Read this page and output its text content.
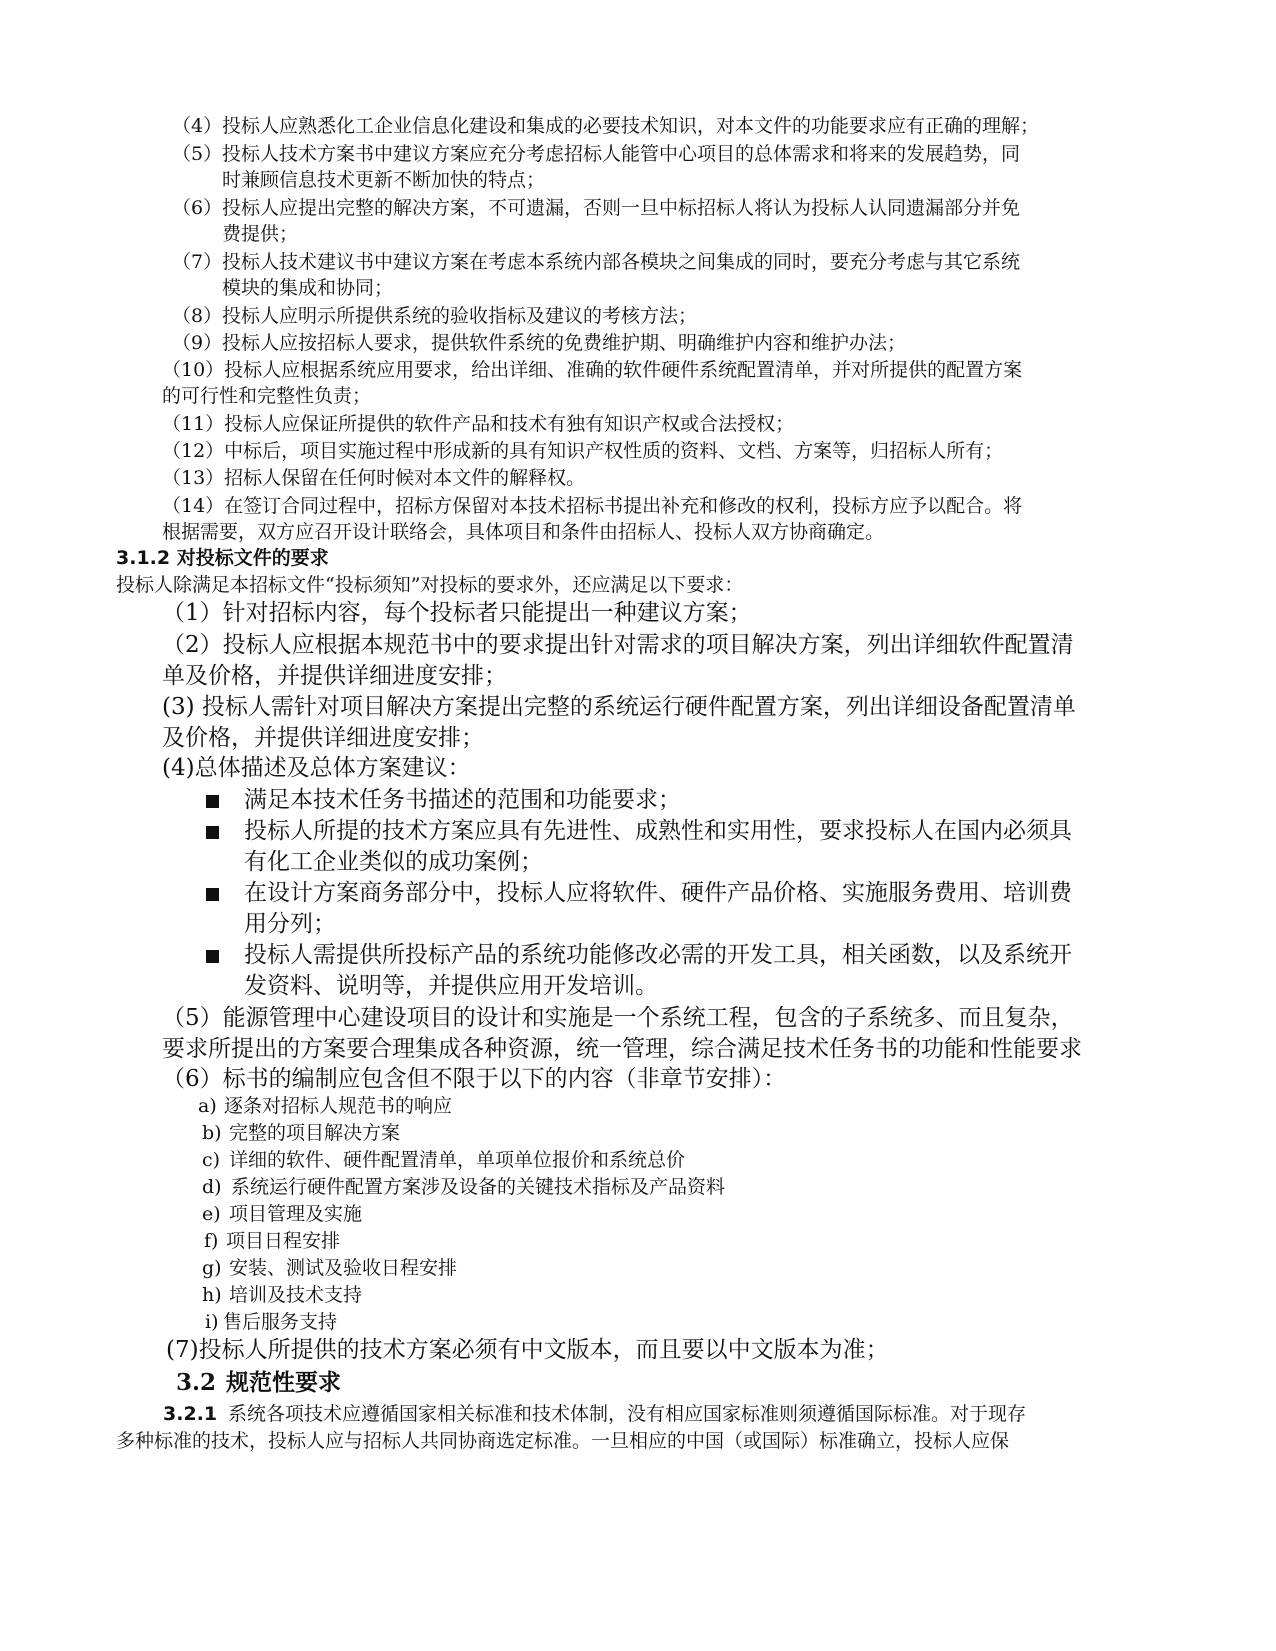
（4） 投标人应熟悉化工企业信息化建设和集成的必要技术知识，对本文件的功能要求应有正确的理解；
（5） 投标人技术方案书中建议方案应充分考虑招标人能管中心项目的总体需求和将来的发展趋势，同
时兼顾信息技术更新不断加快的特点；
（6） 投标人应提出完整的解决方案，不可遗漏，否则一旦中标招标人将认为投标人认同遗漏部分并免
费提供；
（7） 投标人技术建议书中建议方案在考虑本系统内部各模块之间集成的同时，要充分考虑与其它系统
模块的集成和协同；
（8） 投标人应明示所提供系统的验收指标及建议的考核方法；
（9） 投标人应按招标人要求，提供软件系统的免费维护期、明确维护内容和维护办法；
（10）投标人应根据系统应用要求，给出详细、准确的软件硬件系统配置清单，并对所提供的配置方案
的可行性和完整性负责；
（11）投标人应保证所提供的软件产品和技术有独有知识产权或合法授权；
（12）中标后，项目实施过程中形成新的具有知识产权性质的资料、文档、方案等，归招标人所有；
（13）招标人保留在任何时候对本文件的解释权。
（14）在签订合同过程中，招标方保留对本技术招标书提出补充和修改的权利，投标方应予以配合。将
根据需要，双方应召开设计联络会，具体项目和条件由招标人、投标人双方协商确定。
3.1.2 对投标文件的要求
投标人除满足本招标文件“投标须知”对投标的要求外，还应满足以下要求：
（1）针对招标内容，每个投标者只能提出一种建议方案；
（2）投标人应根据本规范书中的要求提出针对需求的项目解决方案，列出详细软件配置清
单及价格，并提供详细进度安排；
(3) 投标人需针对项目解决方案提出完整的系统运行硬件配置方案，列出详细设备配置清单
及价格，并提供详细进度安排；
(4)总体描述及总体方案建议：
满足本技术任务书描述的范围和功能要求；
投标人所提的技术方案应具有先进性、成熟性和实用性，要求投标人在国内必须具
有化工企业类似的成功案例；
在设计方案商务部分中，投标人应将软件、硬件产品价格、实施服务费用、培训费
用分列；
投标人需提供所投标产品的系统功能修改必需的开发工具，相关函数，以及系统开
发资料、说明等，并提供应用开发培训。
（5）能源管理中心建设项目的设计和实施是一个系统工程，包含的子系统多、而且复杂，
要求所提出的方案要合理集成各种资源，统一管理，综合满足技术任务书的功能和性能要求
（6）标书的编制应包含但不限于以下的内容（非章节安排）：
a) 逐条对招标人规范书的响应
b) 完整的项目解决方案
c) 详细的软件、硬件配置清单，单项单位报价和系统总价
d) 系统运行硬件配置方案涉及设备的关键技术指标及产品资料
e) 项目管理及实施
f) 项目日程安排
g) 安装、测试及验收日程安排
h) 培训及技术支持
i) 售后服务支持
(7)投标人所提供的技术方案必须有中文版本，而且要以中文版本为准；
3.2 规范性要求
3.2.1 系统各项技术应遵循国家相关标准和技术体制，没有相应国家标准则须遵循国际标准。对于现存
多种标准的技术，投标人应与招标人共同协商选定标准。一旦相应的中国（或国际）标准确立，投标人应保
